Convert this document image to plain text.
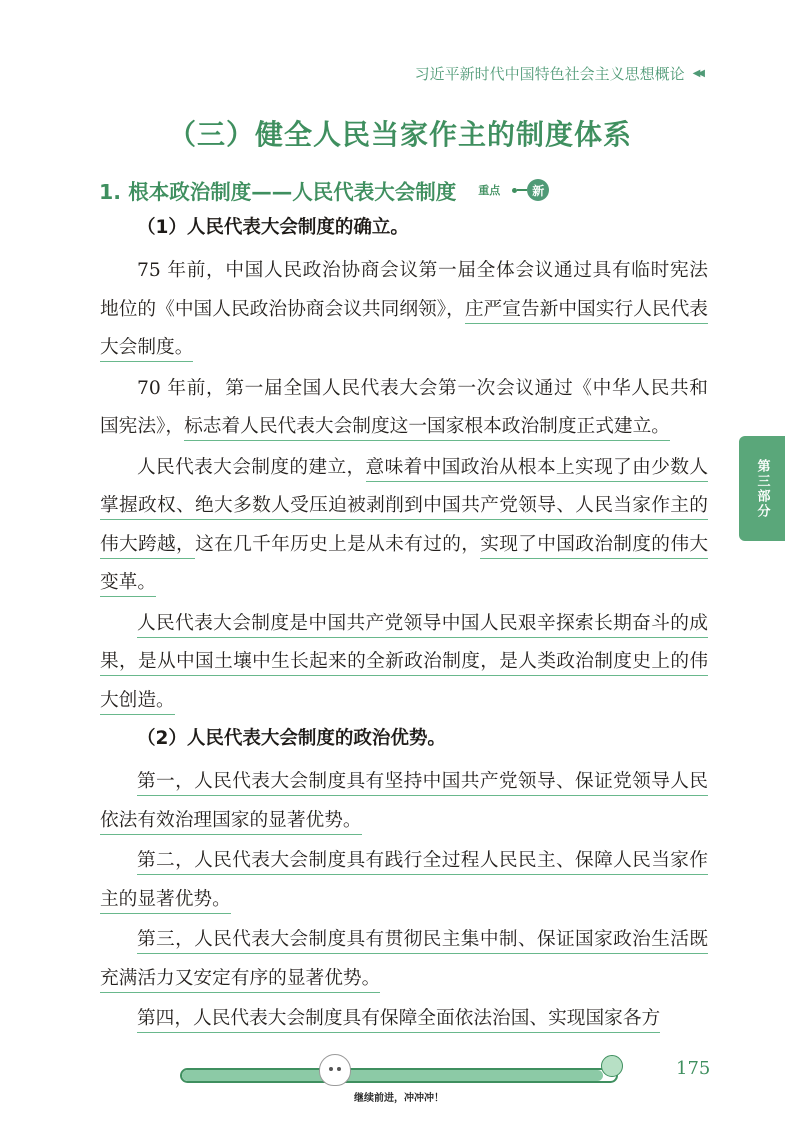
习近平新时代中国特色社会主义思想概论 ◀◀
（三）健全人民当家作主的制度体系
1. 根本政治制度——人民代表大会制度 重点	新
（1）人民代表大会制度的确立。

75 年前，中国人民政治协商会议第一届全体会议通过具有临时宪法地位的《中国人民政治协商会议共同纲领》，庄严宣告新中国实行人民代表大会制度。

70 年前，第一届全国人民代表大会第一次会议通过《中华人民共和国宪法》，标志着人民代表大会制度这一国家根本政治制度正式建立。

人民代表大会制度的建立，意味着中国政治从根本上实现了由少数人掌握政权、绝大多数人受压迫被剥削到中国共产党领导、人民当家作主的伟大跨越，这在几千年历史上是从未有过的，实现了中国政治制度的伟大变革。

人民代表大会制度是中国共产党领导中国人民艰辛探索长期奋斗的成果，是从中国土壤中生长起来的全新政治制度，是人类政治制度史上的伟大创造。

（2）人民代表大会制度的政治优势。

第一，人民代表大会制度具有坚持中国共产党领导、保证党领导人民依法有效治理国家的显著优势。

第二，人民代表大会制度具有践行全过程人民民主、保障人民当家作主的显著优势。

第三，人民代表大会制度具有贯彻民主集中制、保证国家政治生活既充满活力又安定有序的显著优势。

第四，人民代表大会制度具有保障全面依法治国、实现国家各方

第三部分
继续前进，冲冲冲！
175
